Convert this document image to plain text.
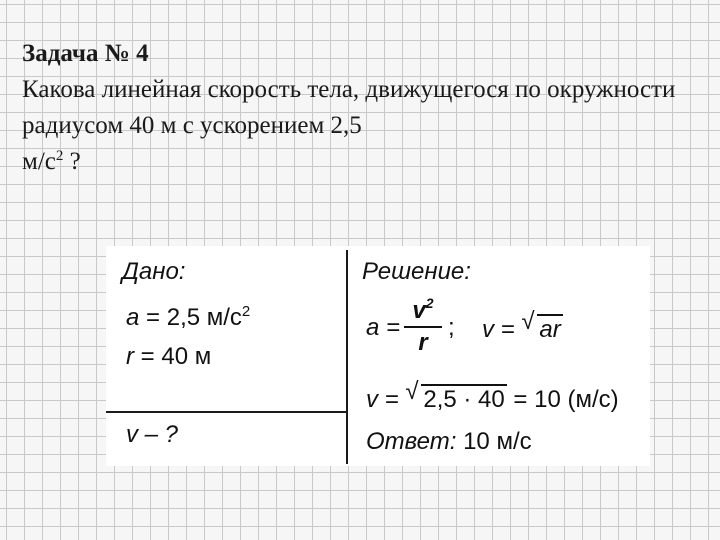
Задача № 4
Какова линейная скорость тела, движущегося по окружности радиусом 40 м с ускорением 2,5
$м/с^2$ ?
Дано:
a = 2,5 $м/с^2$
r = 40 м
v – ?
Решение:
a =
$v^2$
r
; v = √ ar
v = √ 2,5 · 40 = 10 (м/с)
Ответ: 10 м/с
